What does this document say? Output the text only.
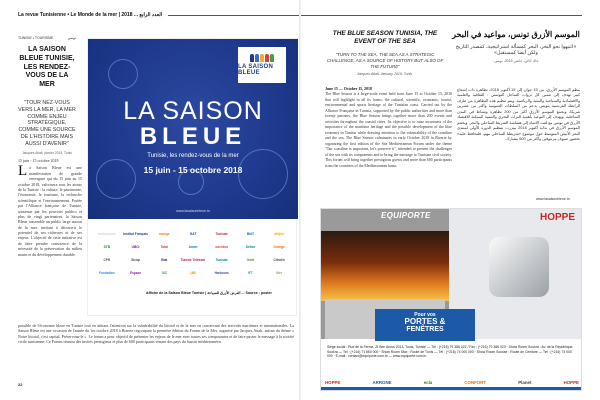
La revue Tunisienne • Le Monde de la mer | العدد الرابع ... 2018
TUNISIE • TOURISME	تونس
LA SAISON BLEUE TUNISIE, LES RENDEZ-VOUS DE LA MER
"TOUR NEZ-VOUS VERS LA MER, LA MER COMME ENJEU STRATÉGIQUE, COMME UNE SOURCE DE L'HISTOIRE MAIS AUSSI D'AVENIR"
Jacques Attali, janvier 2019, Tunis
15 juin - 15 octobre 2018
L a Saison Bleue est une manifestation de grande envergure qui du 15 juin au 15 octobre 2018, valorisera tous les atouts de la Tunisie : la culture, le patrimoine, l'économie, le tourisme, la recherche scientifique et l'environnement. Portée par l'Alliance française de Tunisie, soutenue par les pouvoirs publics et plus de vingt partenaires, la Saison Bleue rassemble un public large autour de la mer, invitant à découvrir le potentiel de ses richesses et de ses enjeux. L'objectif de cette initiative est de faire prendre conscience de la nécessité de la préservation du milieu marin et du développement durable.
possible de l'économie bleue en Tunisie tout en attirant l'attention sur la vulnérabilité du littoral et de la mer en conservant des activités maritimes et internationales. La Saison Bleue est une occasion de l'année du 1er octobre 2018 à Bizerte regroupant la première édition du Forum de la Mer, organisé par Jacques Attali, autour du thème « Notre littoral, c'est capital. Préservons-le ». Le forum a pour objectif de présenter les enjeux de la mer avec toutes ses composantes et de faire passer le message à la société civile tunisienne. Ce Forum réunira des invités prestigieux et plus de 600 participants venant des pays du bassin méditerranéen.
22
LA SAISON BLEUE
LA SAISON
BLEUE
Tunisie, les rendez-vous de la mer
15 juin - 15 octobre 2018
www.lasaisonbleue.tn
ambassade	Institut Français	orange	GAT	Tunisair	BIAT	Attijari
STB	UBCI	Total	Amen	ooredoo	Délice	Orange
CPR	Sicap	Biat	Tunisie Telecom	Tunisair	Orbit	Citroën
Fondation	Espace	GIZ	UIB	Harbours	IFT	Mer
Affiche de la Saison Bleue Tunisie | العرض الأزرق للسياحة ... Source : poster
THE BLUE SEASON TUNISIA, THE EVENT OF THE SEA
"TURN TO THE SEA, THE SEA AS A STRATEGIC CHALLENGE, AS A SOURCE OF HISTORY BUT ALSO OF THE FUTURE"
Jacques Attali, January 2019, Tunis.
الموسم الأزرق تونس، مواعيد في البحر
«انتبهوا نحو البحر، البحر كمسألة استراتيجية، كمصدر التاريخ ولكن أيضا كمستقبل»
جاك أتالي، جانفي 2019، تونس.
June 15 — October 15, 2018
The Blue Season is a large-scale event held from June 15 to October 15, 2018 that will highlight in all its forms: the cultural, scientific, economic, tourist, environmental and sports heritage of the Tunisian coast. Carried out by the Alliance Française in Tunisia, supported by the public authorities and more than twenty partners, the Blue Season brings together more than 200 events and activities throughout the coastal cities. Its objective is to raise awareness of the importance of the maritime heritage and the possible development of the blue economy in Tunisia while drawing attention to the vulnerability of the coastline and the sea. The Blue Season culminates in early October 2018 in Bizerte by organizing the first edition of the Sea Mediterranean Forum under the theme "Our coastline is important, let's preserve it", intended to present the challenges of the sea with its components and to bring the message to Tunisian civil society. This forum will bring together prestigious guests and more than 600 participants from the countries of the Mediterranean basin.
ينظم الموسم الأزرق، من 15 جوان إلى 15 أكتوبر 2018، تظاهرة ذات إشعاع كبير تهدف إلى تثمين كل ثروات الساحل التونسي : الثقافية والعلمية والاقتصادية والسياحية والبيئية والرياضية. ويتم تنظيم هذه التظاهرة من طرف الرابطة الفرنسية بتونس بدعم من السلطات العمومية وأكثر من عشرين شريكا، ويجمع الموسم الأزرق أكثر من 200 تظاهرة ونشاط في المدن الساحلية. ويهدف إلى التوعية بأهمية التراث البحري والتنمية الممكنة للاقتصاد الأزرق في تونس مع لفت الانتباه إلى هشاشة الشريط الساحلي والبحر. ويختتم الموسم الأزرق في بداية أكتوبر 2018 ببنزرت بتنظيم الدورة الأولى لمنتدى البحر الأبيض المتوسط حول موضوع «شريطنا الساحلي مهم، فلنحافظ عليه» بحضور ضيوف مرموقين وأكثر من 600 مشارك.
www.lasaisonbleue.tn
EQUIPORTE	HOPPE
Pour vos
PORTES &
FENÊTRES
Siège social : Rue de la Ferme, ZI Ben Arous 2013, Tunis, Tunisie — Tél : (+216) 79 388 022 / Fax : (+216) 79 388 023 · Show Room Soukra : Av. de la République, Soukra — Tél : (+216) 71 860 000 · Show Room Sfax : Route de Tunis — Tél : (+216) 74 000 000 · Show Room Sousse : Route de Ceinture — Tél : (+216) 73 000 000 · E-mail : contact@equiporte.com.tn — www.equiporte.com.tn
HOPPE	ARRONE	ecla	CONFORT	Planet	HOPPE
